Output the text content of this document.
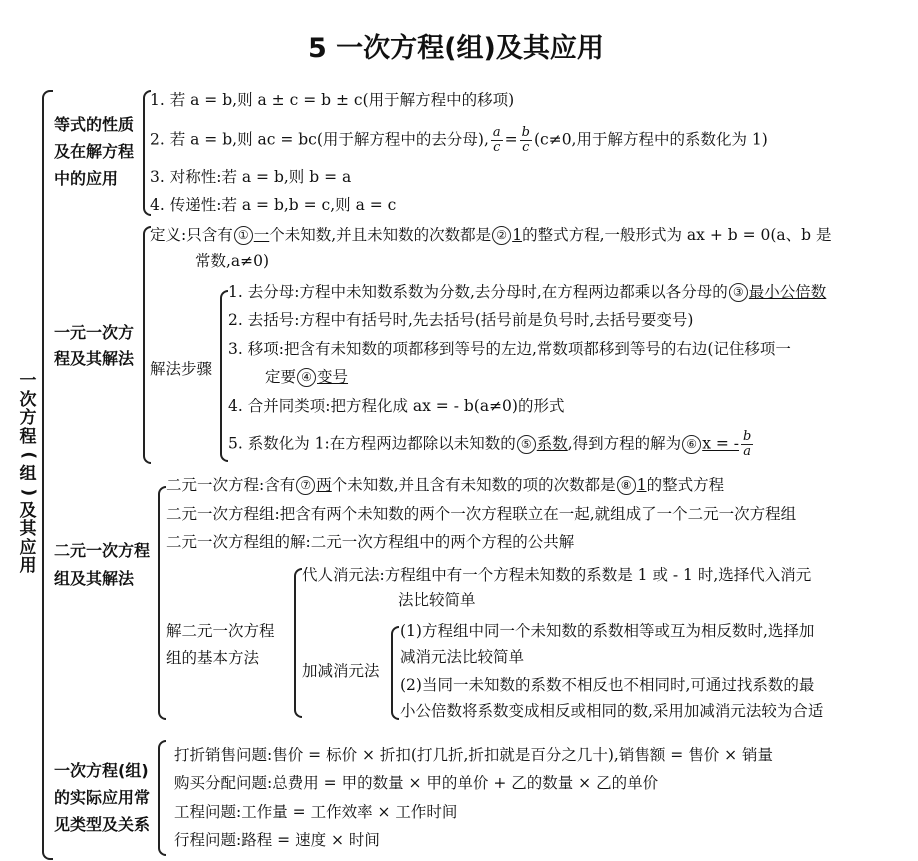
5 一次方程(组)及其应用
一
次
方
程
(
组
)
及
其
应
用
等式的性质
及在解方程
中的应用
1. 若 a = b,则 a ± c = b ± c(用于解方程中的移项)
2. 若 a = b,则 ac = bc(用于解方程中的去分母), $\frac{a}{c} = \frac{b}{c} (c\ne 0$,用于解方程中的系数化为 1)
3. 对称性:若 a = b,则 b = a
4. 传递性:若 a = b,b = c,则 a = c
一元一次方
程及其解法
定义:只含有 ① 一个未知数,并且未知数的次数都是 ② 1的整式方程,一般形式为 ax + b = 0(a、b 是
常数,a≠0)
解法步骤
1. 去分母:方程中未知数系数为分数,去分母时,在方程两边都乘以各分母的 ③ 最小公倍数
2. 去括号:方程中有括号时,先去括号(括号前是负号时,去括号要变号)
3. 移项:把含有未知数的项都移到等号的左边,常数项都移到等号的右边(记住移项一
定要 ④ 变号
4. 合并同类项:把方程化成 ax = - b(a≠0)的形式
5. 系数化为 1:在方程两边都除以未知数的 ⑤ 系数,得到方程的解为 ⑥ x = - $\frac{b}{a}$
二元一次方程
组及其解法
二元一次方程:含有 ⑦ 两个未知数,并且含有未知数的项的次数都是 ⑧ 1的整式方程
二元一次方程组:把含有两个未知数的两个一次方程联立在一起,就组成了一个二元一次方程组
二元一次方程组的解:二元一次方程组中的两个方程的公共解
解二元一次方程
组的基本方法
代人消元法:方程组中有一个方程未知数的系数是 1 或 - 1 时,选择代入消元
法比较简单
加减消元法
(1)方程组中同一个未知数的系数相等或互为相反数时,选择加
减消元法比较简单
(2)当同一未知数的系数不相反也不相同时,可通过找系数的最
小公倍数将系数变成相反或相同的数,采用加减消元法较为合适
一次方程(组)
的实际应用常
见类型及关系
打折销售问题:售价 = 标价 × 折扣(打几折,折扣就是百分之几十),销售额 = 售价 × 销量
购买分配问题:总费用 = 甲的数量 × 甲的单价 + 乙的数量 × 乙的单价
工程问题:工作量 = 工作效率 × 工作时间
行程问题:路程 = 速度 × 时间
